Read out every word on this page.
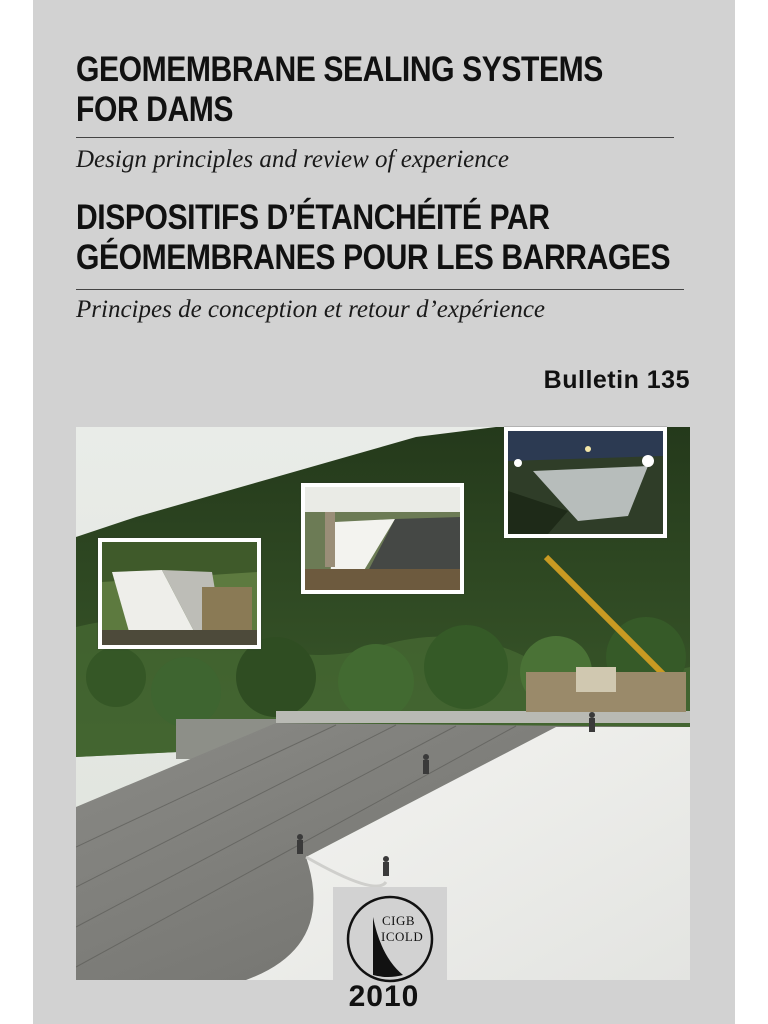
GEOMEMBRANE SEALING SYSTEMS
FOR DAMS

Design principles and review of experience

DISPOSITIFS D’ÉTANCHÉITÉ PAR
GÉOMEMBRANES POUR LES BARRAGES

Principes de conception et retour d’expérience

Bulletin 135
CIGB
ICOLD
2010
